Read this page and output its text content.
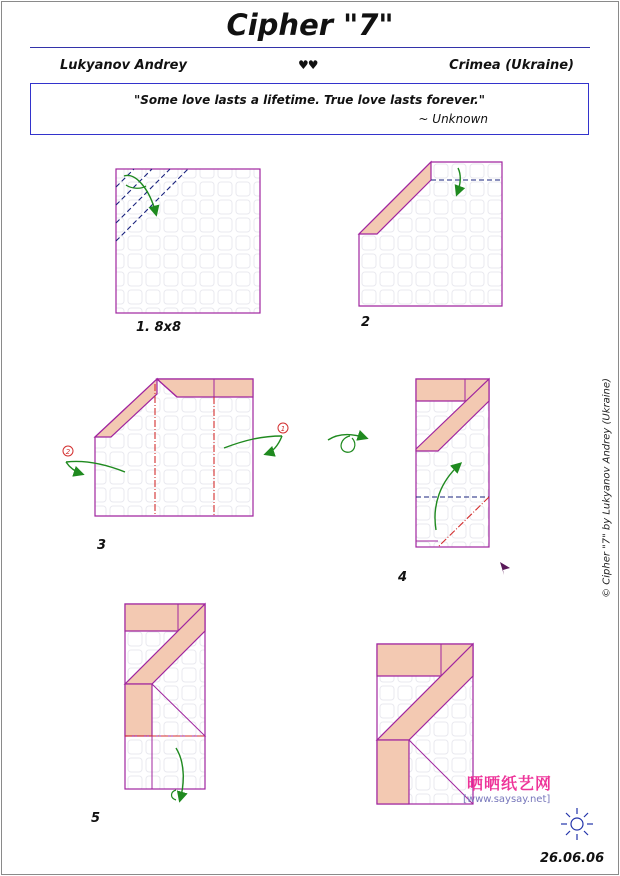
Cipher "7"
Lukyanov Andrey	♥♥	Crimea (Ukraine)
"Some love lasts a lifetime. True love lasts forever."
~ Unknown
1
2
1. 8x8	2
3
4
5
© Cipher "7" by Lukyanov Andrey (Ukraine)
晒晒纸艺网
[www.saysay.net]
26.06.06
